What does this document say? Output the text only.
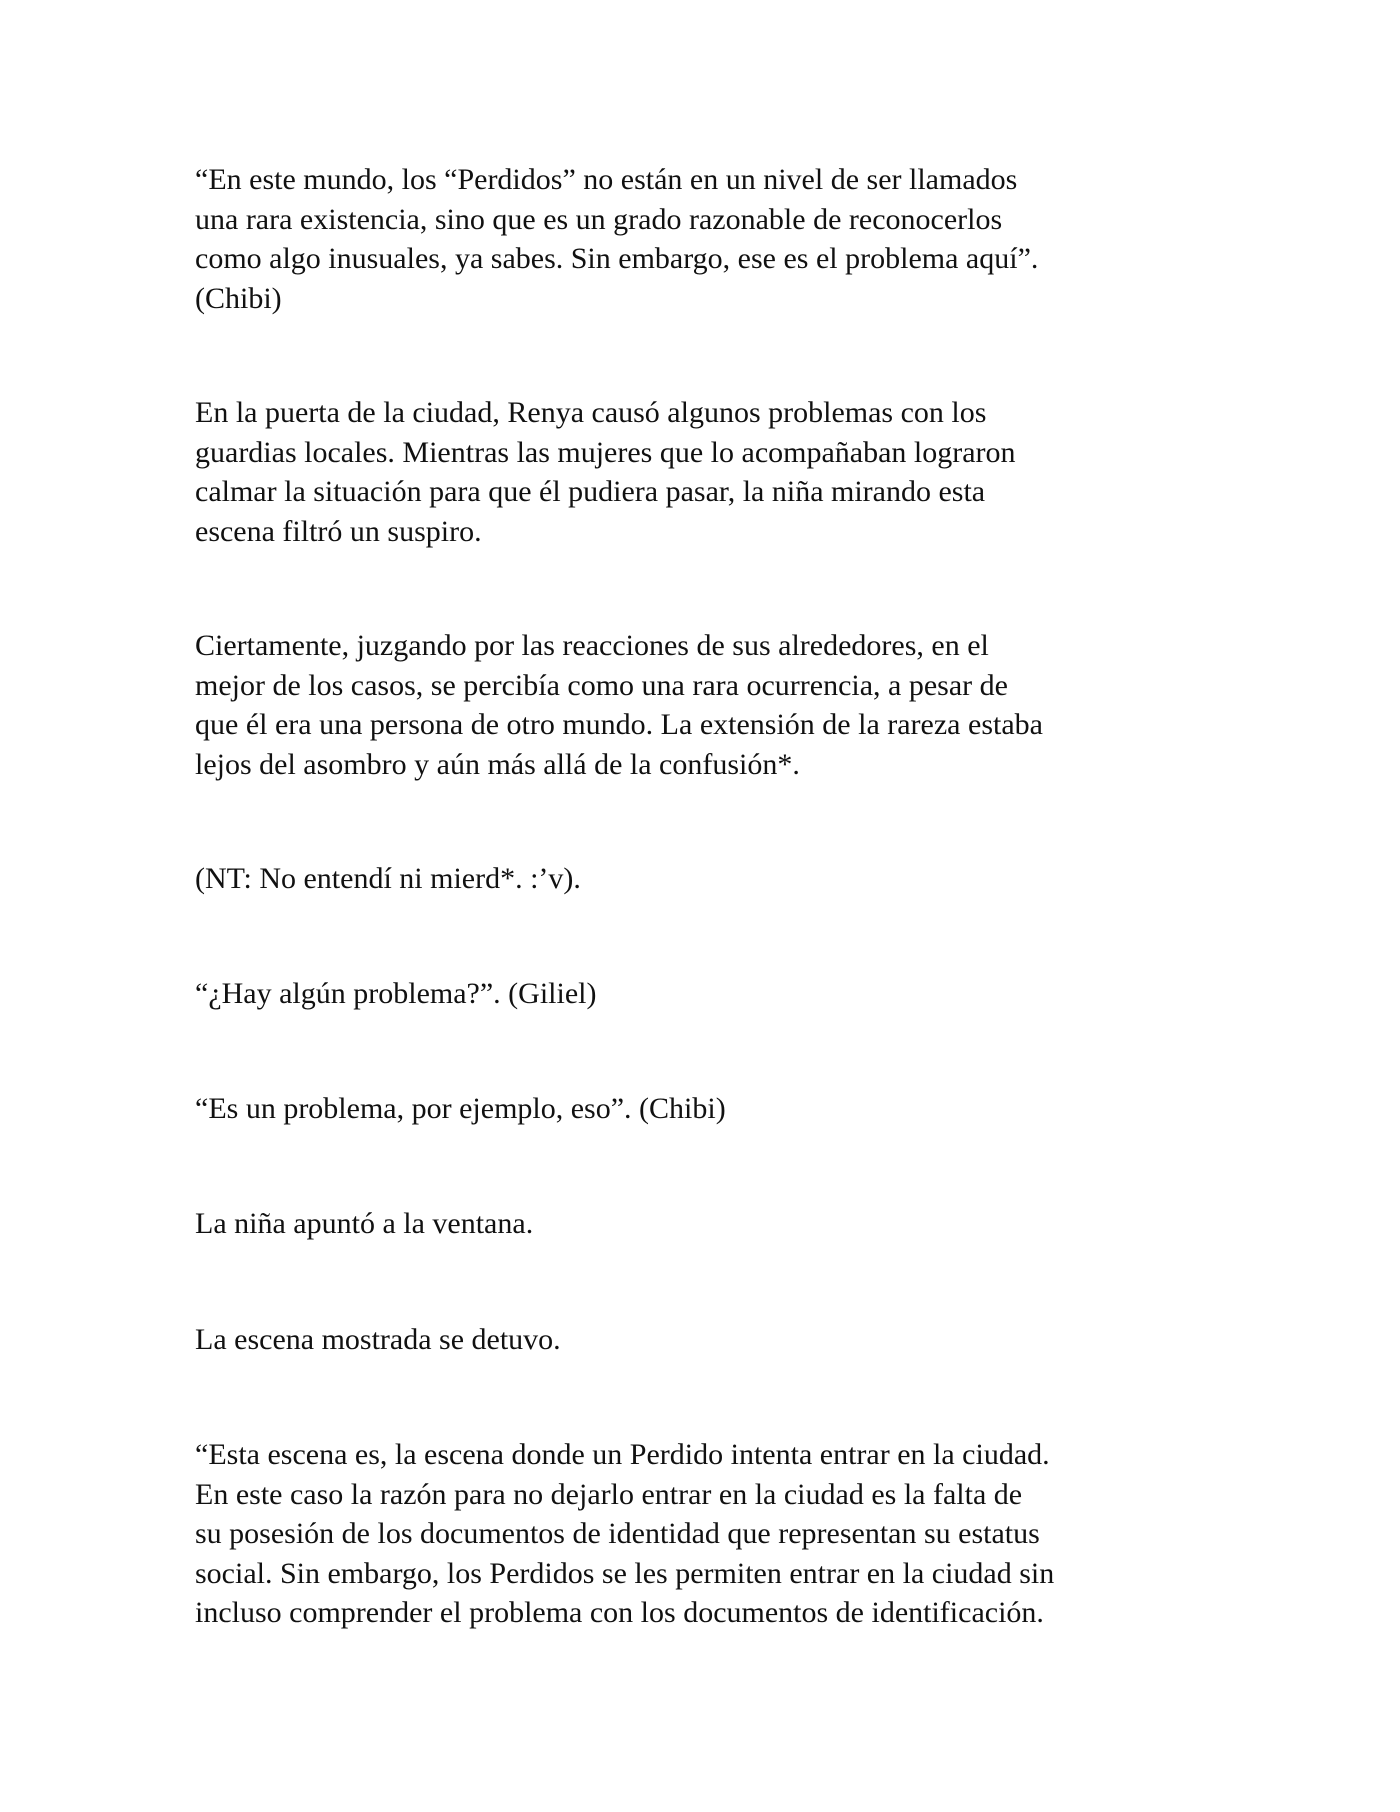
“En este mundo, los “Perdidos” no están en un nivel de ser llamados
una rara existencia, sino que es un grado razonable de reconocerlos
como algo inusuales, ya sabes. Sin embargo, ese es el problema aquí”.
(Chibi)

En la puerta de la ciudad, Renya causó algunos problemas con los
guardias locales. Mientras las mujeres que lo acompañaban lograron
calmar la situación para que él pudiera pasar, la niña mirando esta
escena filtró un suspiro.

Ciertamente, juzgando por las reacciones de sus alrededores, en el
mejor de los casos, se percibía como una rara ocurrencia, a pesar de
que él era una persona de otro mundo. La extensión de la rareza estaba
lejos del asombro y aún más allá de la confusión*.

(NT: No entendí ni mierd*. :’v).

“¿Hay algún problema?”. (Giliel)

“Es un problema, por ejemplo, eso”. (Chibi)

La niña apuntó a la ventana.

La escena mostrada se detuvo.

“Esta escena es, la escena donde un Perdido intenta entrar en la ciudad.
En este caso la razón para no dejarlo entrar en la ciudad es la falta de
su posesión de los documentos de identidad que representan su estatus
social. Sin embargo, los Perdidos se les permiten entrar en la ciudad sin
incluso comprender el problema con los documentos de identificación.
